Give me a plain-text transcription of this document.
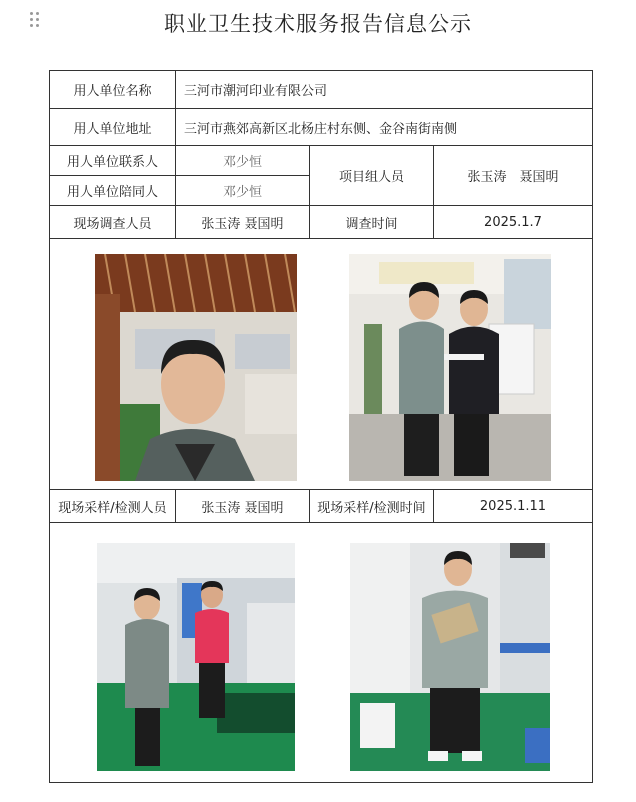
职业卫生技术服务报告信息公示
用人单位名称	三河市潮河印业有限公司		
用人单位地址	三河市燕郊高新区北杨庄村东侧、金谷南街南侧		
用人单位联系人	邓少恒	项目组人员	张玉涛　聂国明
用人单位陪同人	邓少恒		
现场调查人员	张玉涛 聂国明	调查时间	2025.1.7

现场采样/检测人员	张玉涛 聂国明	现场采样/检测时间	2025.1.11
